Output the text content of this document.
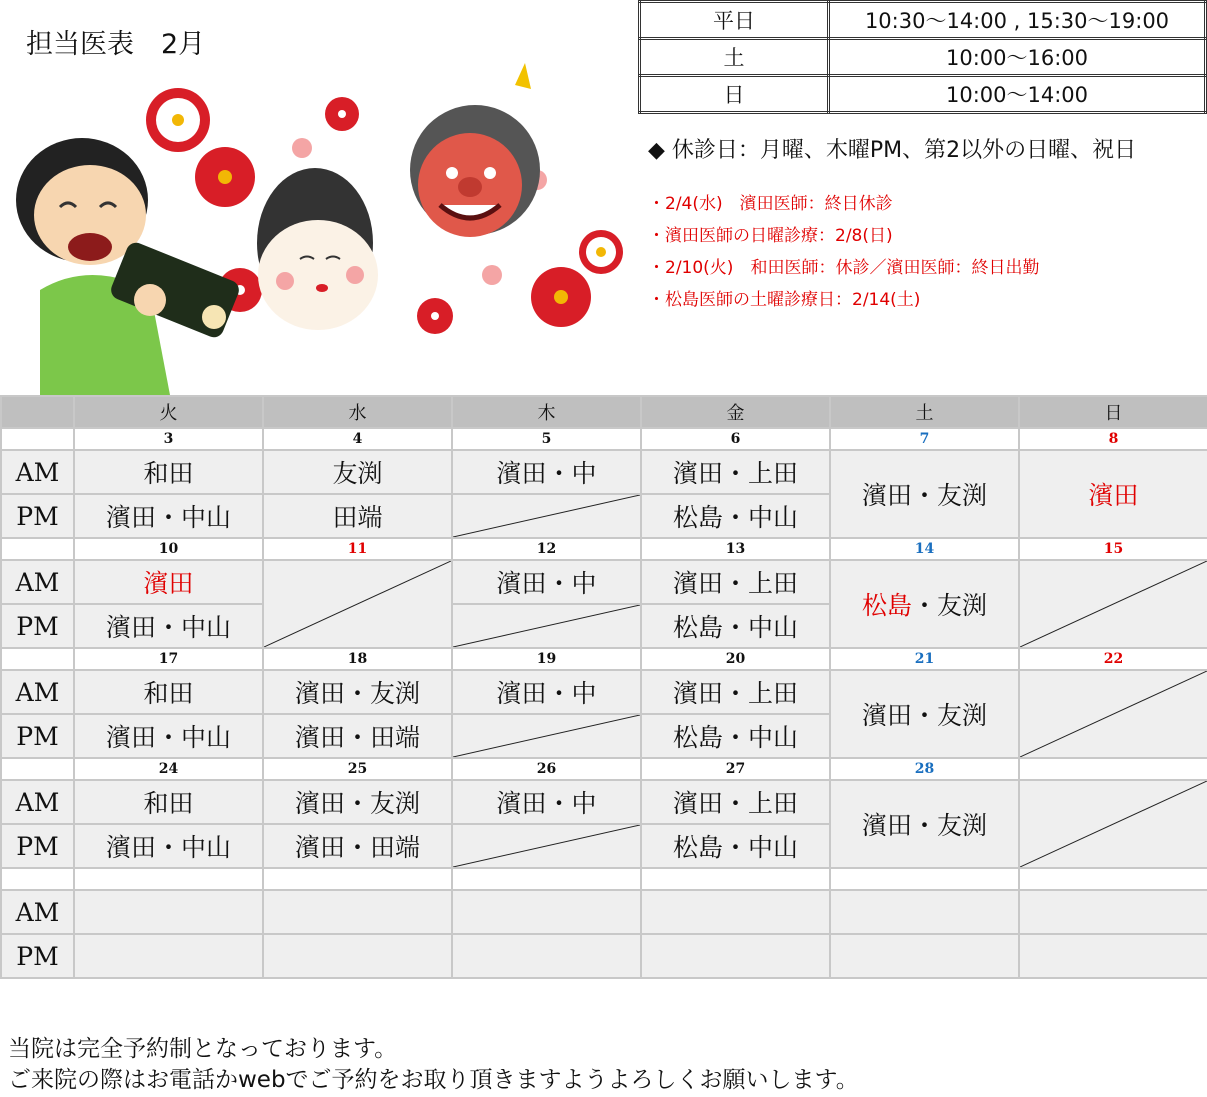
担当医表　2月
平日	10:30～14:00 , 15:30～19:00
土	10:00～16:00
日	10:00～14:00
◆ 休診日：月曜、木曜PM、第2以外の日曜、祝日
・2/4(水)　濱田医師：終日休診
・濱田医師の日曜診療：2/8(日)
・2/10(火)　和田医師：休診／濱田医師：終日出勤
・松島医師の土曜診療日：2/14(土)
	火	水	木	金	土	日
	3	4	5	6	7	8
AM	和田	友渕	濱田・中	濱田・上田	濱田・友渕	濱田
PM	濱田・中山	田端		松島・中山		
	10	11	12	13	14	15
AM	濱田		濱田・中	濱田・上田	松島・友渕	

PM	濱田・中山			松島・中山		
	17	18	19	20	21	22
AM	和田	濱田・友渕	濱田・中	濱田・上田	濱田・友渕	

PM	濱田・中山	濱田・田端		松島・中山		
	24	25	26	27	28	
AM	和田	濱田・友渕	濱田・中	濱田・上田	濱田・友渕	

PM	濱田・中山	濱田・田端		松島・中山		

AM						
PM						
当院は完全予約制となっております。
ご来院の際はお電話かwebでご予約をお取り頂きますようよろしくお願いします。
